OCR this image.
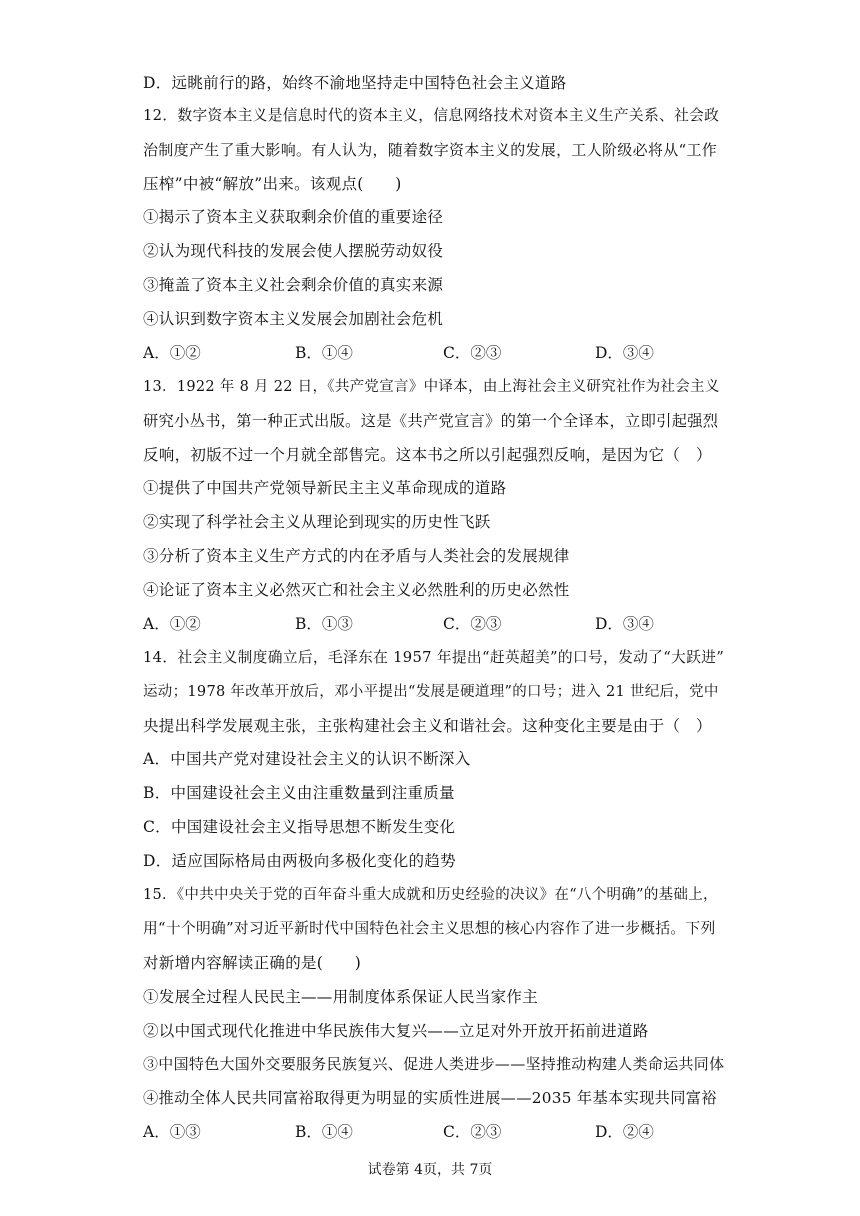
D．远眺前行的路，始终不渝地坚持走中国特色社会主义道路
12．数字资本主义是信息时代的资本主义，信息网络技术对资本主义生产关系、社会政
治制度产生了重大影响。有人认为，随着数字资本主义的发展，工人阶级必将从“工作
压榨”中被“解放”出来。该观点(　　)
①揭示了资本主义获取剩余价值的重要途径
②认为现代科技的发展会使人摆脱劳动奴役
③掩盖了资本主义社会剩余价值的真实来源
④认识到数字资本主义发展会加剧社会危机
A．①②	B．①④	C．②③	D．③④
13．1922 年 8 月 22 日，《共产党宣言》中译本，由上海社会主义研究社作为社会主义
研究小丛书，第一种正式出版。这是《共产党宣言》的第一个全译本，立即引起强烈
反响，初版不过一个月就全部售完。这本书之所以引起强烈反响，是因为它（　）
①提供了中国共产党领导新民主主义革命现成的道路
②实现了科学社会主义从理论到现实的历史性飞跃
③分析了资本主义生产方式的内在矛盾与人类社会的发展规律
④论证了资本主义必然灭亡和社会主义必然胜利的历史必然性
A．①②	B．①③	C．②③	D．③④
14．社会主义制度确立后，毛泽东在 1957 年提出“赶英超美”的口号，发动了“大跃进”
运动；1978 年改革开放后，邓小平提出“发展是硬道理”的口号；进入 21 世纪后，党中
央提出科学发展观主张，主张构建社会主义和谐社会。这种变化主要是由于（　）
A．中国共产党对建设社会主义的认识不断深入
B．中国建设社会主义由注重数量到注重质量
C．中国建设社会主义指导思想不断发生变化
D．适应国际格局由两极向多极化变化的趋势
15．《中共中央关于党的百年奋斗重大成就和历史经验的决议》在“八个明确”的基础上，
用“十个明确”对习近平新时代中国特色社会主义思想的核心内容作了进一步概括。下列
对新增内容解读正确的是(　　)
①发展全过程人民民主——用制度体系保证人民当家作主
②以中国式现代化推进中华民族伟大复兴——立足对外开放开拓前进道路
③中国特色大国外交要服务民族复兴、促进人类进步——坚持推动构建人类命运共同体
④推动全体人民共同富裕取得更为明显的实质性进展——2035 年基本实现共同富裕
A．①③	B．①④	C．②③	D．②④
试卷第 4页，共 7页
